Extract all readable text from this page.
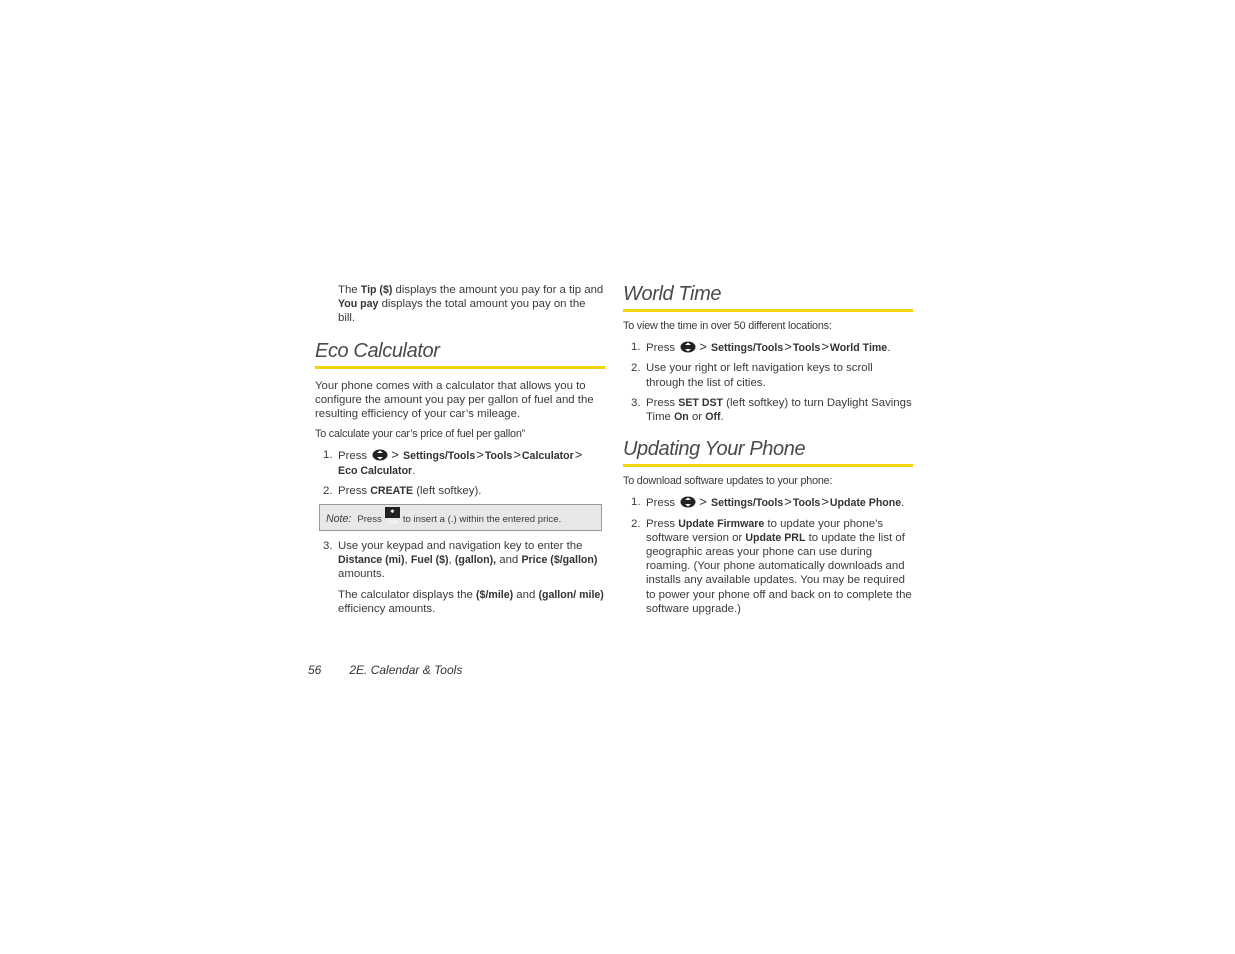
The Tip ($) displays the amount you pay for a tip and You pay displays the total amount you pay on the bill.

Eco Calculator

Your phone comes with a calculator that allows you to configure the amount you pay per gallon of fuel and the resulting efficiency of your car’s mileage.

To calculate your car’s price of fuel per gallon”

1. Press > Settings/Tools>Tools>Calculator>
Eco Calculator.
2. Press CREATE (left softkey).
Note: Press✱ Shift to insert a (.) within the entered price.
3. Use your keypad and navigation key to enter the Distance (mi), Fuel ($), (gallon), and Price ($/gallon) amounts.

The calculator displays the ($/mile) and (gallon/ mile) efficiency amounts.

World Time

To view the time in over 50 different locations:

1. Press > Settings/Tools>Tools>World Time.
2. Use your right or left navigation keys to scroll through the list of cities.
3. Press SET DST (left softkey) to turn Daylight Savings Time On or Off.
Updating Your Phone

To download software updates to your phone:

1. Press > Settings/Tools>Tools>Update Phone.
2. Press Update Firmware to update your phone’s software version or Update PRL to update the list of geographic areas your phone can use during roaming. (Your phone automatically downloads and installs any available updates. You may be required to power your phone off and back on to complete the software upgrade.)
56 2E. Calendar & Tools
